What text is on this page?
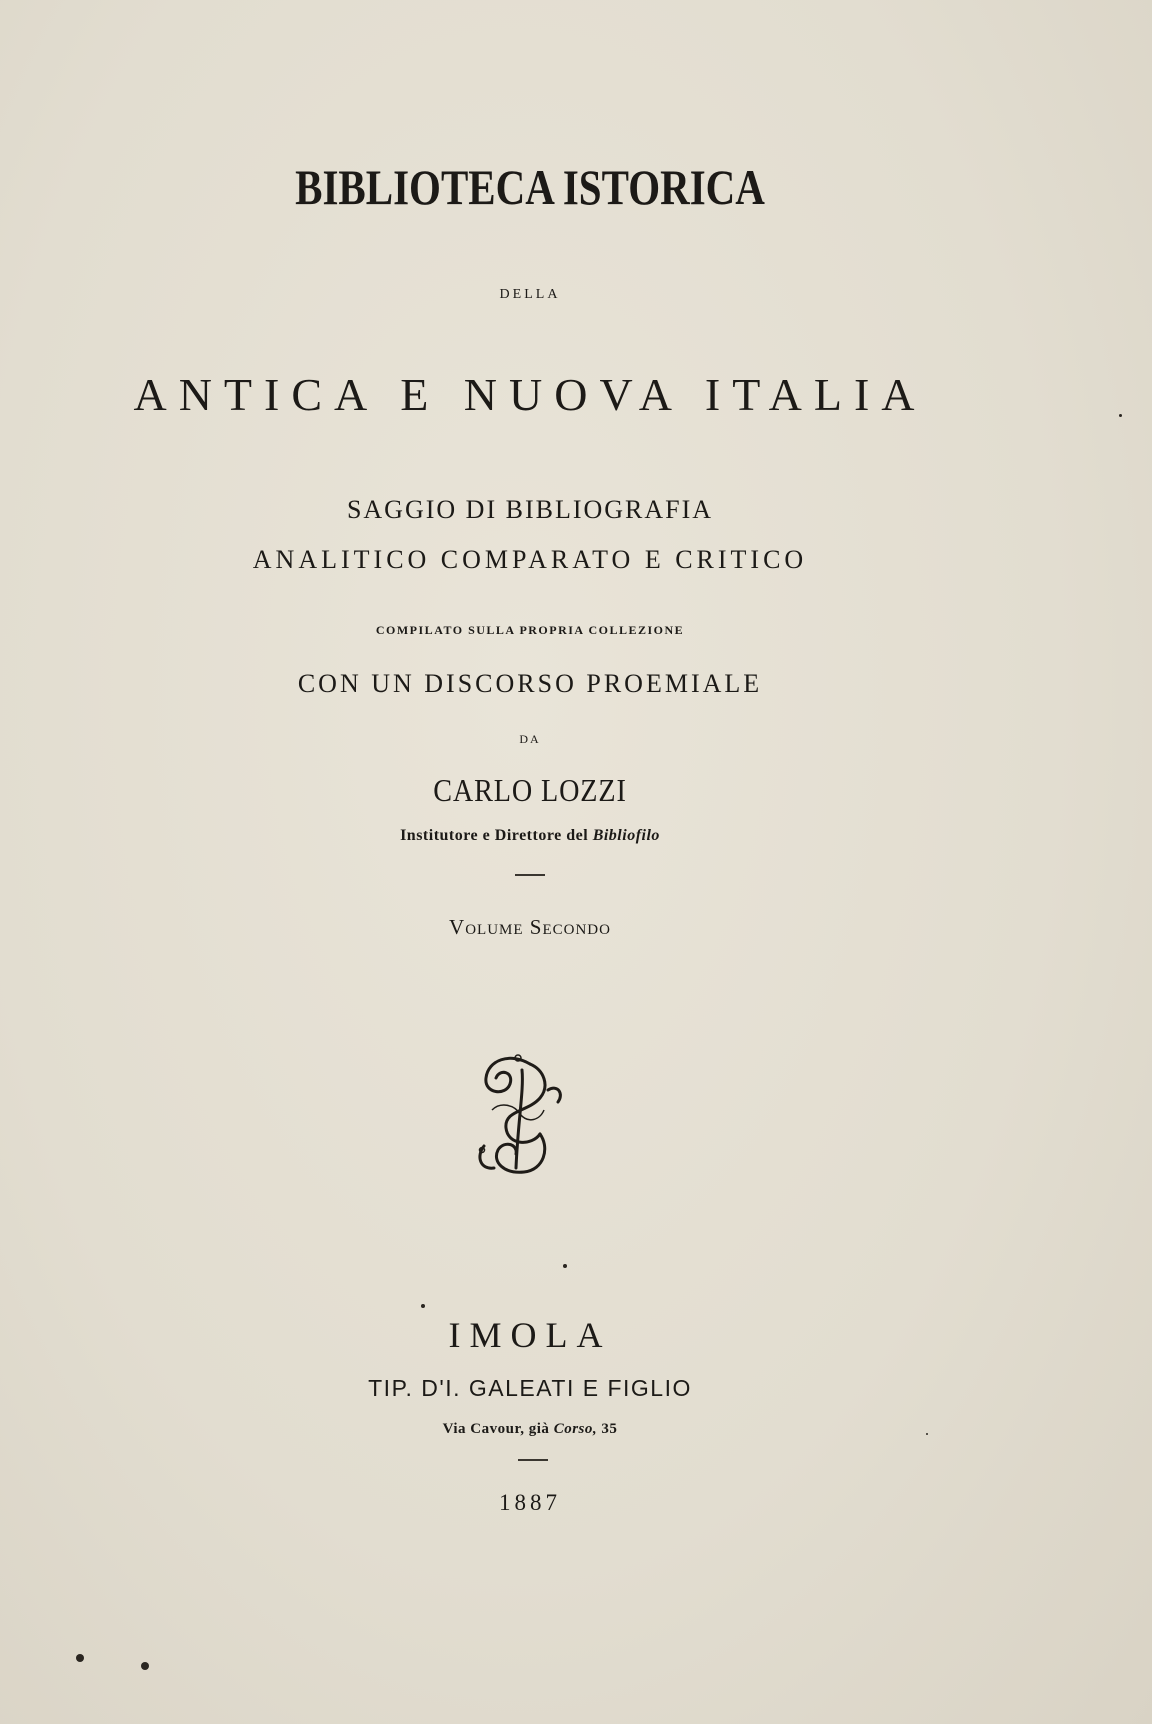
BIBLIOTECA ISTORICA
DELLA
ANTICA E NUOVA ITALIA
SAGGIO DI BIBLIOGRAFIA
ANALITICO COMPARATO E CRITICO
COMPILATO SULLA PROPRIA COLLEZIONE
CON UN DISCORSO PROEMIALE
DA
CARLO LOZZI
Institutore e Direttore del Bibliofilo
Volume Secondo
IMOLA
TIP. D'I. GALEATI E FIGLIO
Via Cavour, già Corso, 35
1887
